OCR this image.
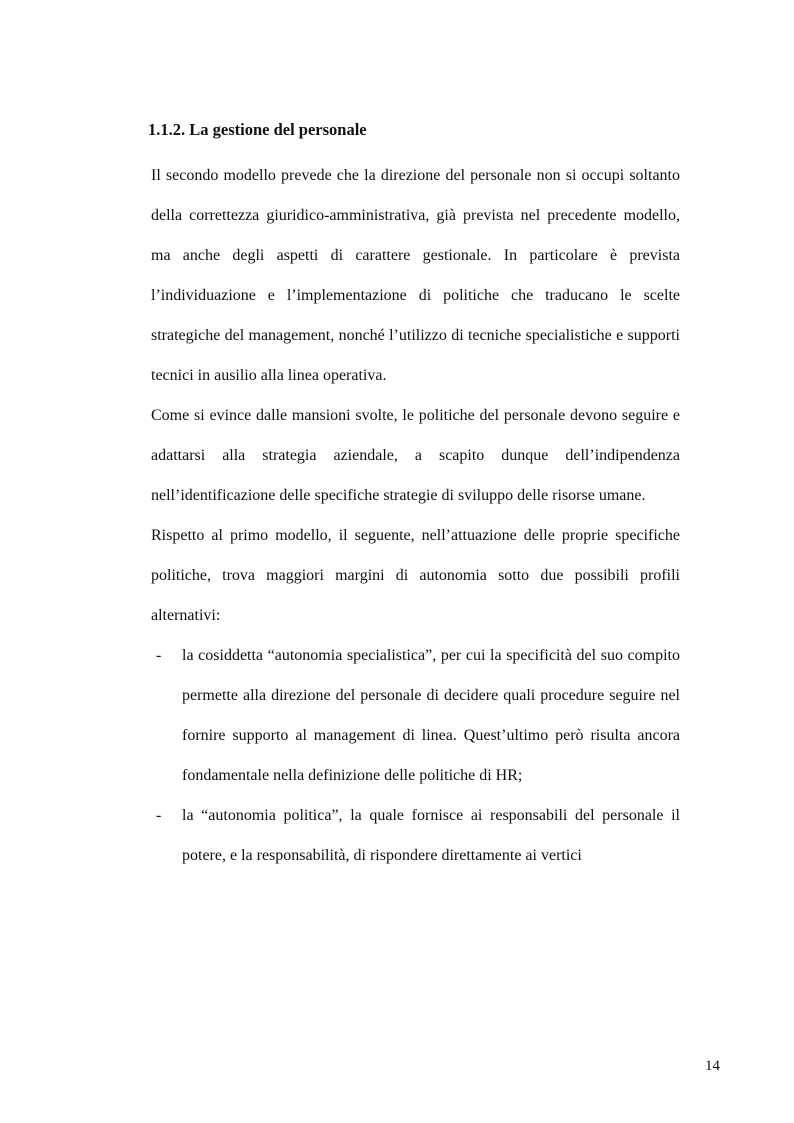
1.1.2. La gestione del personale

Il secondo modello prevede che la direzione del personale non si occupi soltanto della correttezza giuridico-amministrativa, già prevista nel precedente modello, ma anche degli aspetti di carattere gestionale. In particolare è prevista l’individuazione e l’implementazione di politiche che traducano le scelte strategiche del management, nonché l’utilizzo di tecniche specialistiche e supporti tecnici in ausilio alla linea operativa.

Come si evince dalle mansioni svolte, le politiche del personale devono seguire e adattarsi alla strategia aziendale, a scapito dunque dell’indipendenza nell’identificazione delle specifiche strategie di sviluppo delle risorse umane.

Rispetto al primo modello, il seguente, nell’attuazione delle proprie specifiche politiche, trova maggiori margini di autonomia sotto due possibili profili alternativi:

- la cosiddetta “autonomia specialistica”, per cui la specificità del suo compito permette alla direzione del personale di decidere quali procedure seguire nel fornire supporto al management di linea. Quest’ultimo però risulta ancora fondamentale nella definizione delle politiche di HR;
- la “autonomia politica”, la quale fornisce ai responsabili del personale il potere, e la responsabilità, di rispondere direttamente ai vertici
14
